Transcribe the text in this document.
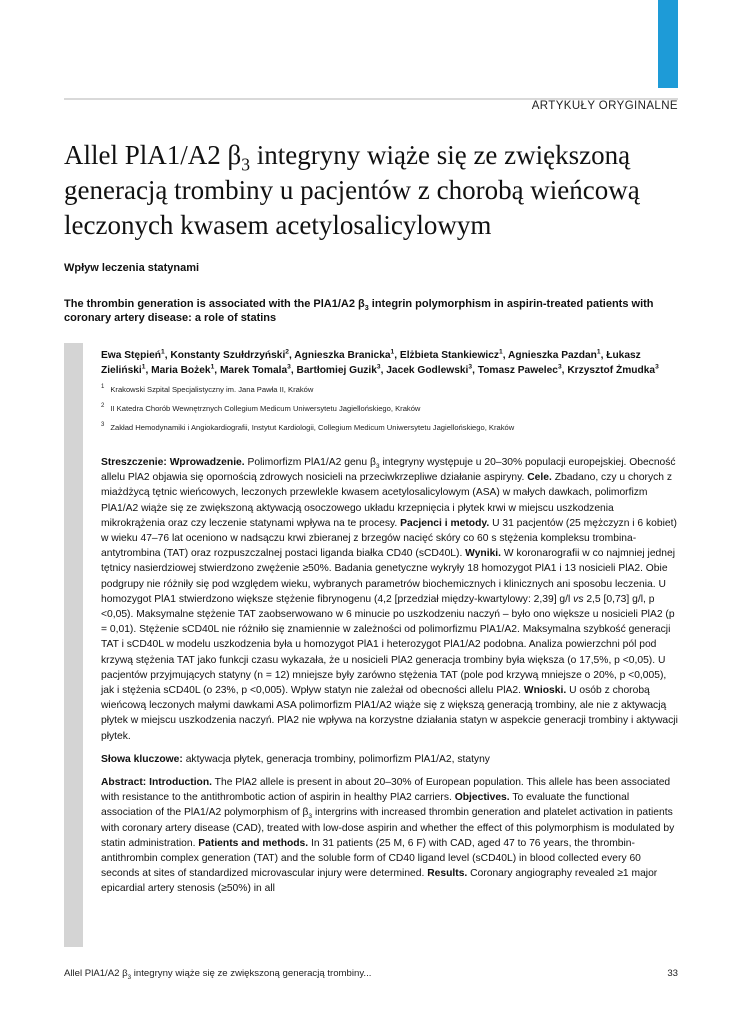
ARTYKUŁY ORYGINALNE
Allel PlA1/A2 $\beta_3$ integryny wiąże się ze zwiększoną generacją trombiny u pacjentów z chorobą wieńcową leczonych kwasem acetylosalicylowym
Wpływ leczenia statynami
The thrombin generation is associated with the PlA1/A2 $\beta_3$ integrin polymorphism in aspirin-treated patients with coronary artery disease: a role of statins

Ewa Stępień$^1$, Konstanty Szułdrzyński$^2$, Agnieszka Branicka$^1$, Elżbieta Stankiewicz$^1$, Agnieszka Pazdan$^1$, Łukasz Zieliński$^1$, Maria Bożek$^1$, Marek Tomala$^3$, Bartłomiej Guzik$^3$, Jacek Godlewski$^3$, Tomasz Pawelec$^3$, Krzysztof Żmudka$^3$

$^1$ Krakowski Szpital Specjalistyczny im. Jana Pawła II, Kraków

$^2$ II Katedra Chorób Wewnętrznych Collegium Medicum Uniwersytetu Jagiellońskiego, Kraków

$^3$ Zakład Hemodynamiki i Angiokardiografii, Instytut Kardiologii, Collegium Medicum Uniwersytetu Jagiellońskiego, Kraków

Streszczenie: Wprowadzenie. Polimorfizm PlA1/A2 genu $\beta_3$ integryny występuje u 20–30% populacji europejskiej. Obecność allelu PlA2 objawia się opornością zdrowych nosicieli na przeciwkrzepliwe działanie aspiryny. Cele. Zbadano, czy u chorych z miażdżycą tętnic wieńcowych, leczonych przewlekle kwasem acetylosalicylowym (ASA) w małych dawkach, polimorfizm PlA1/A2 wiąże się ze zwiększoną aktywacją osoczowego układu krzepnięcia i płytek krwi w miejscu uszkodzenia mikrokrążenia oraz czy leczenie statynami wpływa na te procesy. Pacjenci i metody. U 31 pacjentów (25 mężczyzn i 6 kobiet) w wieku 47–76 lat oceniono w nadsączu krwi zbieranej z brzegów nacięć skóry co 60 s stężenia kompleksu trombina-antytrombina (TAT) oraz rozpuszczalnej postaci liganda białka CD40 (sCD40L). Wyniki. W koronarografii w co najmniej jednej tętnicy nasierdziowej stwierdzono zwężenie ≥50%. Badania genetyczne wykryły 18 homozygot PlA1 i 13 nosicieli PlA2. Obie podgrupy nie różniły się pod względem wieku, wybranych parametrów biochemicznych i klinicznych ani sposobu leczenia. U homozygot PlA1 stwierdzono większe stężenie fibrynogenu (4,2 [przedział między-kwartylowy: 2,39] g/l vs 2,5 [0,73] g/l, p <0,05). Maksymalne stężenie TAT zaobserwowano w 6 minucie po uszkodzeniu naczyń – było ono większe u nosicieli PlA2 (p = 0,01). Stężenie sCD40L nie różniło się znamiennie w zależności od polimorfizmu PlA1/A2. Maksymalna szybkość generacji TAT i sCD40L w modelu uszkodzenia była u homozygot PlA1 i heterozygot PlA1/A2 podobna. Analiza powierzchni pól pod krzywą stężenia TAT jako funkcji czasu wykazała, że u nosicieli PlA2 generacja trombiny była większa (o 17,5%, p <0,05). U pacjentów przyjmujących statyny (n = 12) mniejsze były zarówno stężenia TAT (pole pod krzywą mniejsze o 20%, p <0,005), jak i stężenia sCD40L (o 23%, p <0,005). Wpływ statyn nie zależał od obecności allelu PlA2. Wnioski. U osób z chorobą wieńcową leczonych małymi dawkami ASA polimorfizm PlA1/A2 wiąże się z większą generacją trombiny, ale nie z aktywacją płytek w miejscu uszkodzenia naczyń. PlA2 nie wpływa na korzystne działania statyn w aspekcie generacji trombiny i aktywacji płytek.

Słowa kluczowe: aktywacja płytek, generacja trombiny, polimorfizm PlA1/A2, statyny

Abstract: Introduction. The PlA2 allele is present in about 20–30% of European population. This allele has been associated with resistance to the antithrombotic action of aspirin in healthy PlA2 carriers. Objectives. To evaluate the functional association of the PlA1/A2 polymorphism of $\beta_3$ intergrins with increased thrombin generation and platelet activation in patients with coronary artery disease (CAD), treated with low-dose aspirin and whether the effect of this polymorphism is modulated by statin administration. Patients and methods. In 31 patients (25 M, 6 F) with CAD, aged 47 to 76 years, the thrombin-antithrombin complex generation (TAT) and the soluble form of CD40 ligand level (sCD40L) in blood collected every 60 seconds at sites of standardized microvascular injury were determined. Results. Coronary angiography revealed ≥1 major epicardial artery stenosis (≥50%) in all

Allel PlA1/A2 $\beta_3$ integryny wiąże się ze zwiększoną generacją trombiny...	33
